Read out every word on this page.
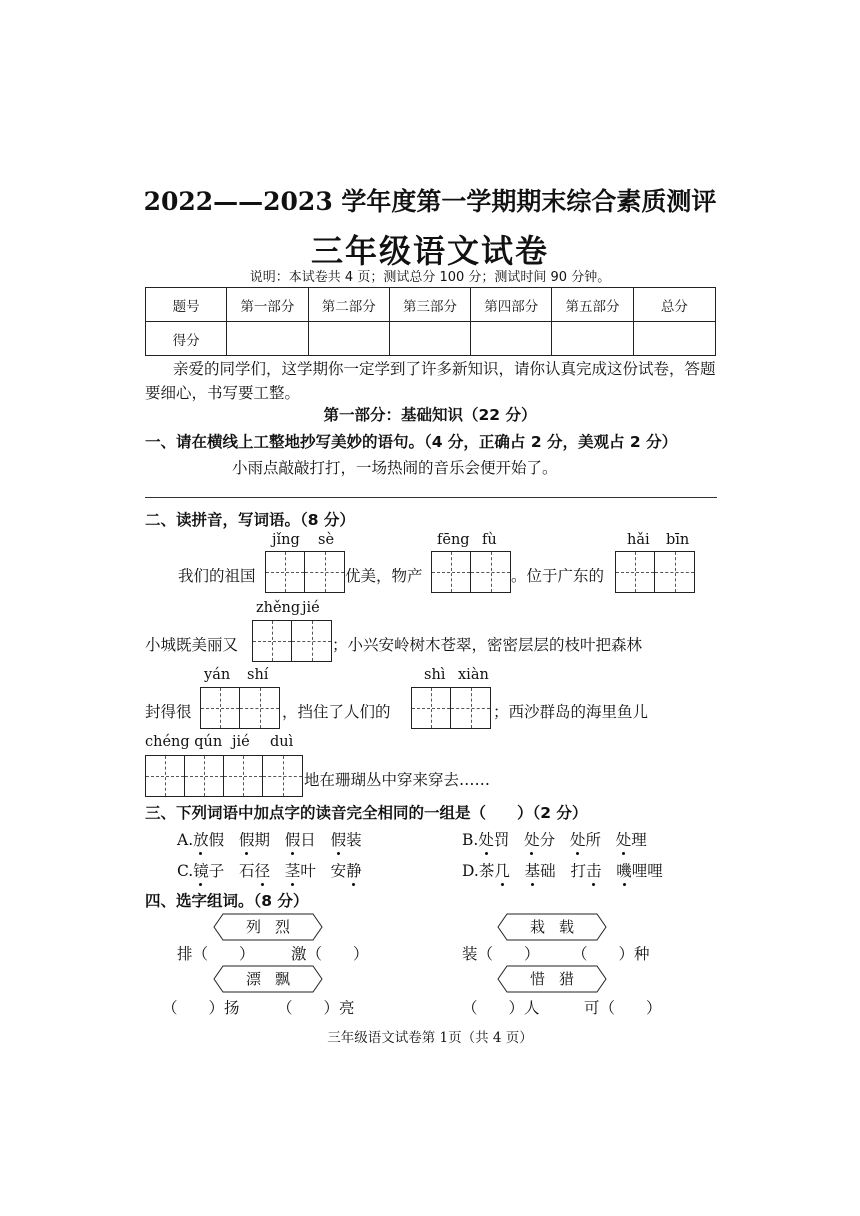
2022——2023 学年度第一学期期末综合素质测评
三年级语文试卷
说明：本试卷共 4 页；测试总分 100 分；测试时间 90 分钟。
题号	第一部分	第二部分	第三部分	第四部分	第五部分	总分
得分						
亲爱的同学们，这学期你一定学到了许多新知识，请你认真完成这份试卷，答题要细心，书写要工整。
第一部分：基础知识（22 分）
一、请在横线上工整地抄写美妙的语句。（4 分，正确占 2 分，美观占 2 分）
小雨点敲敲打打，一场热闹的音乐会便开始了。
二、读拼音，写词语。（8 分）
jǐng sè	fēng fù	hǎi bīn
我们的祖国	优美，物产	。位于广东的
zhěng jié
小城既美丽又	；小兴安岭树木苍翠，密密层层的枝叶把森林
yán shí	shì xiàn
封得很	，挡住了人们的	；西沙群岛的海里鱼儿
chéng qún jié duì
地在珊瑚丛中穿来穿去……
三、下列词语中加点字的读音完全相同的一组是（　　）（2 分）
A.放假 假期 假日 假装	B.处罚 处分 处所 处理
C.镜子 石径 茎叶 安静	D.茶几 基础 打击 嘰哩哩
四、选字组词。（8 分）
列烈	栽载
排（　　） 激（　　）	装（　　） （　　）种
漂飘	惜猎
（　　）扬 （　　）亮	（　　）人	可（　　）
三年级语文试卷第 1页（共 4 页）
